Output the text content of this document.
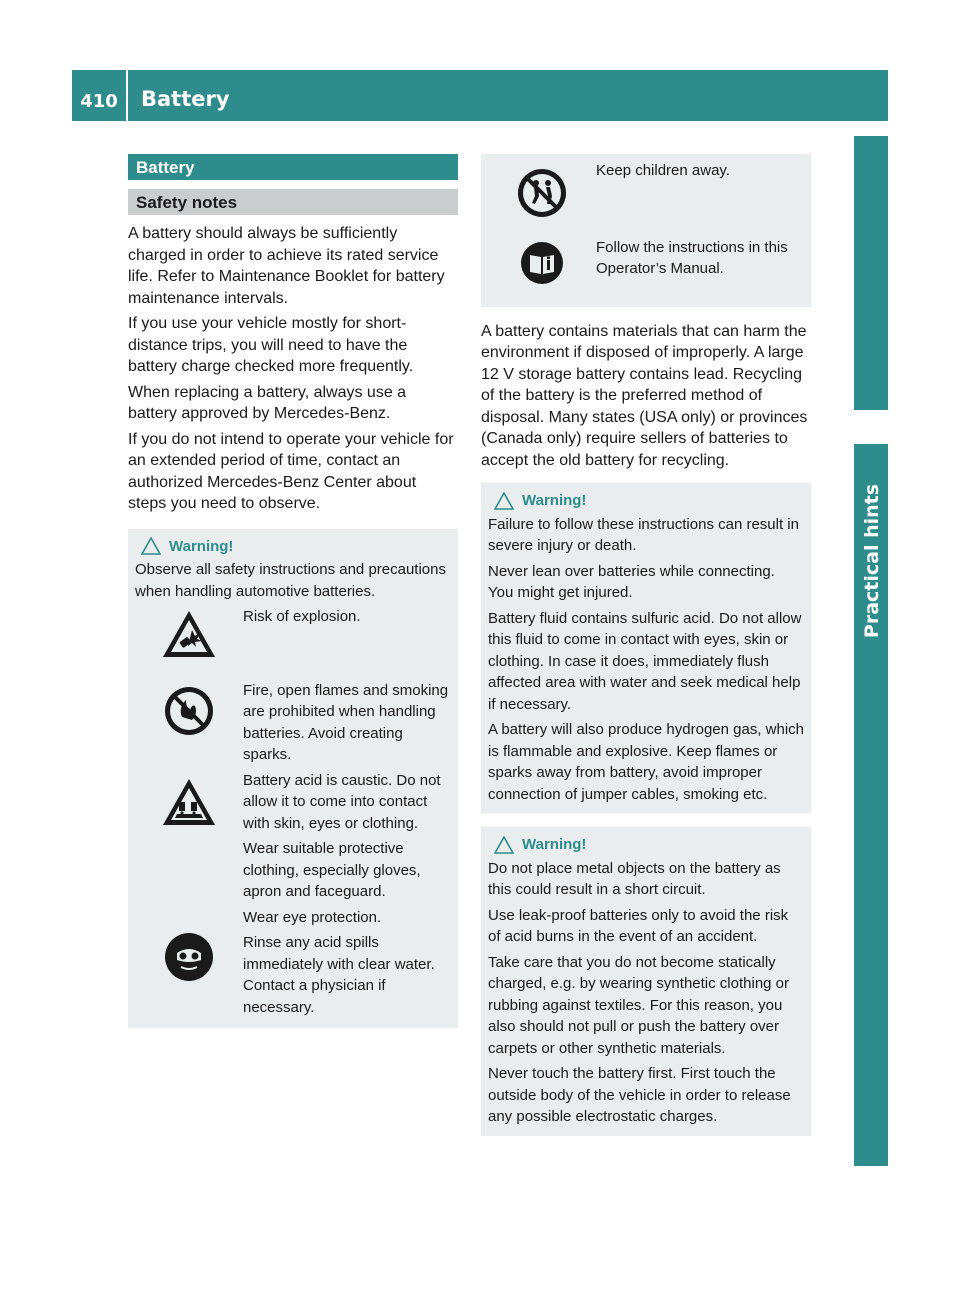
410	Battery
Practical hints
Battery
Safety notes

A battery should always be sufficiently charged in order to achieve its rated service life. Refer to Maintenance Booklet for battery maintenance intervals.

If you use your vehicle mostly for short-distance trips, you will need to have the battery charge checked more frequently.

When replacing a battery, always use a battery approved by Mercedes-Benz.

If you do not intend to operate your vehicle for an extended period of time, contact an authorized Mercedes-Benz Center about steps you need to observe.

Warning!

Observe all safety instructions and precautions when handling automotive batteries.

Risk of explosion.

Fire, open flames and smoking are prohibited when handling batteries. Avoid creating sparks.

Battery acid is caustic. Do not allow it to come into contact with skin, eyes or clothing.

Wear suitable protective clothing, especially gloves, apron and faceguard.

Wear eye protection.

Rinse any acid spills immediately with clear water. Contact a physician if necessary.

Keep children away.

Follow the instructions in this Operator’s Manual.

A battery contains materials that can harm the environment if disposed of improperly. A large 12 V storage battery contains lead. Recycling of the battery is the preferred method of disposal. Many states (USA only) or provinces (Canada only) require sellers of batteries to accept the old battery for recycling.

Warning!

Failure to follow these instructions can result in severe injury or death.

Never lean over batteries while connecting. You might get injured.

Battery fluid contains sulfuric acid. Do not allow this fluid to come in contact with eyes, skin or clothing. In case it does, immediately flush affected area with water and seek medical help if necessary.

A battery will also produce hydrogen gas, which is flammable and explosive. Keep flames or sparks away from battery, avoid improper connection of jumper cables, smoking etc.

Warning!

Do not place metal objects on the battery as this could result in a short circuit.

Use leak-proof batteries only to avoid the risk of acid burns in the event of an accident.

Take care that you do not become statically charged, e.g. by wearing synthetic clothing or rubbing against textiles. For this reason, you also should not pull or push the battery over carpets or other synthetic materials.

Never touch the battery first. First touch the outside body of the vehicle in order to release any possible electrostatic charges.
